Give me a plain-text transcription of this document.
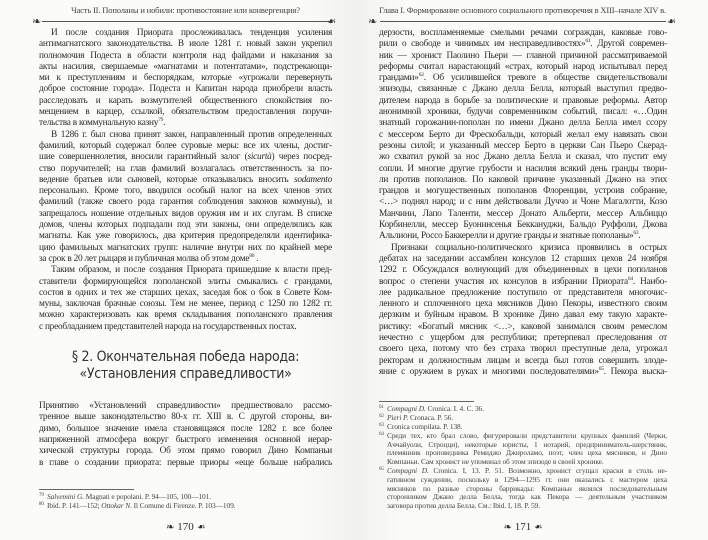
Часть II. Пополаны и нобили: противостояние или конвергенция?
❧	❧
И после создания Приората прослеживалась тенденция усиления
антимагнатского законодательства. В июле 1281 г. новый закон укрепил
полномочия Подеста в области контроля над файдами и наказания за
акты насилия, свершаемые «магнатами и потентатами», подстрекающи-
ми к преступлениям и беспорядкам, которые «угрожали перевернуть
доброе состояние города». Подеста и Капитан народа приобрели власть
расследовать и карать возмутителей общественного спокойствия по-
мещением в карцер, ссылкой, обязательством предоставления поручи-
тельства в коммунальную казну$^{79}$.
В 1286 г. был снова принят закон, направленный против определенных
фамилий, который содержал более суровые меры: все их члены, достиг-
шие совершеннолетия, вносили гарантийный залог (sicurtà) через посред-
ство поручителей; на глав фамилий возлагалась ответственность за по-
ведение братьев или сыновей, которые отказывались вносить sodamento
персонально. Кроме того, вводился особый налог на всех членов этих
фамилий (также своего рода гарантия соблюдения законов коммуны), и
запрещалось ношение отдельных видов оружия им и их слугам. В списке
домов, члены которых подпадали под эти законы, они определялись как
магнаты. Как уже говорилось, два критерия предопределяли идентифика-
цию фамильных магнатских групп: наличие внутри них по крайней мере
за срок в 20 лет рыцаря и публичная молва об этом доме$^{80}$ .
Таким образом, и после создания Приората пришедшие к власти пред-
ставители формирующейся пополанской элиты смыкались с грандами,
состоя в одних и тех же старших цехах, заседая бок о бок в Совете Ком-
муны, заключая брачные союзы. Тем не менее, период с 1250 по 1282 гг.
можно характеризовать как время складывания пополанского правления
с преобладанием представителей народа на государственных постах.
§ 2. Окончательная победа народа:
«Установления справедливости»
Принятию «Установлений справедливости» предшествовало рассмо-
тренное выше законодательство 80-х гг. XIII в. С другой стороны, ви-
димо, большое значение имела становящаяся после 1282 г. все более
напряженной атмосфера вокруг быстрого изменения основной иерар-
хической структуры города. Об этом прямо говорил Дино Компаньи
в главе о создании приората: первые приоры «еще больше набрались
79 Salvemini G. Magnati e popolani. P. 94—105, 100—101.
80 Ibid. P. 141—152; Ottokar N. Il Comune di Firenze. P. 103—109.
❧ 170 ❧
Глава I. Формирование основного социального противоречия в XIII–начале XIV в.
❧	❧
дерзости, воспламеняемые смелыми речами сограждан, каковые гово-
рили о свободе и чинимых им несправедливостях»$^{61}$. Другой современ-
ник — хронист Паолино Пьери — главной причиной рассматриваемой
реформы считал нарастающий «страх, который народ испытывал перед
грандами»$^{62}$. Об усилившейся тревоге в обществе свидетельствовали
эпизоды, связанные с Джано делла Белла, который выступил предво-
дителем народа в борьбе за политические и правовые реформы. Автор
анонимной хроники, будучи современником событий, писал: «…Один
знатный горожанин-пополан по имени Джано делла Белла имел ссору
с мессером Берто ди Фрескобальди, который желал ему навязать свои
резоны силой; и указанный мессер Берто в церкви Сан Пьеро Скерад-
жо схватил рукой за нос Джано делла Белла и сказал, что пустит ему
сопли. И многие другие грубости и насилия всякий день гранды твори-
ли против пополанов. По каковой причине указанный Джано на этих
грандов и могущественных пополанов Флоренции, устроив собрание,
<…> поднял народ; и с ним действовали Дуччо и Чоне Магалотти, Козо
Манчини, Лапо Таленти, мессер Донато Альберти, мессер Альбиццо
Корбинелли, мессер Буонинсенья Беккануджи, Бальдо Руффоли, Джова
Альлиони, Россо Баккерелли и другие гранды и знатные пополаны»$^{63}$.
Признаки социально-политического кризиса проявились в острых
дебатах на заседании ассамблеи консулов 12 старших цехов 24 ноября
1292 г. Обсуждался волнующий для объединенных в цехи пополанов
вопрос о степени участия их консулов в избрании Приората$^{64}$. Наибо-
лее радикальное предложение поступило от представителя многочис-
ленного и сплоченного цеха мясников Дино Пекоры, известного своим
дерзким и буйным нравом. В хронике Дино давал ему такую характе-
ристику: «Богатый мясник <…>, каковой занимался своим ремеслом
нечестно с ущербом для республики; претерпевал преследования от
своего цеха, потому что без страха творил преступные дела, угрожал
ректорам и должностным лицам и всегда был готов совершить злоде-
яние с оружием в руках и многими последователями»$^{65}$. Пекора выска-
61 Compagni D. Cronica. I. 4. C. 36.
62 Pieri P. Cronaca. P. 56.
63 Cronica compilata. P. 138.
64 Среди тех, кто брал слово, фигурировали представители крупных фамилий (Черки,
Аччайуоли, Строцци), некоторые юристы, 1 нотарий, предприниматель-шерстяник,
племянник проповедника Ремиджо Джироламо, поэт, член цеха мясников, и Дино
Компаньи. Сам хронист не упоминал об этом эпизоде в своей хронике.
65 Compagni D. Cronica. I, 13. P. 51. Возможно, хронист сгущал краски в столь не-
гативном суждении, поскольку в 1294—1295 гг. они оказались с мастером цеха
мясников по разные стороны баррикады: Компаньи являлся последовательным
сторонником Джано делла Белла, тогда как Пекора — деятельным участником
заговора против делла Белла. См.: Ibid. I, 18. P. 59.
❧ 171 ❧
